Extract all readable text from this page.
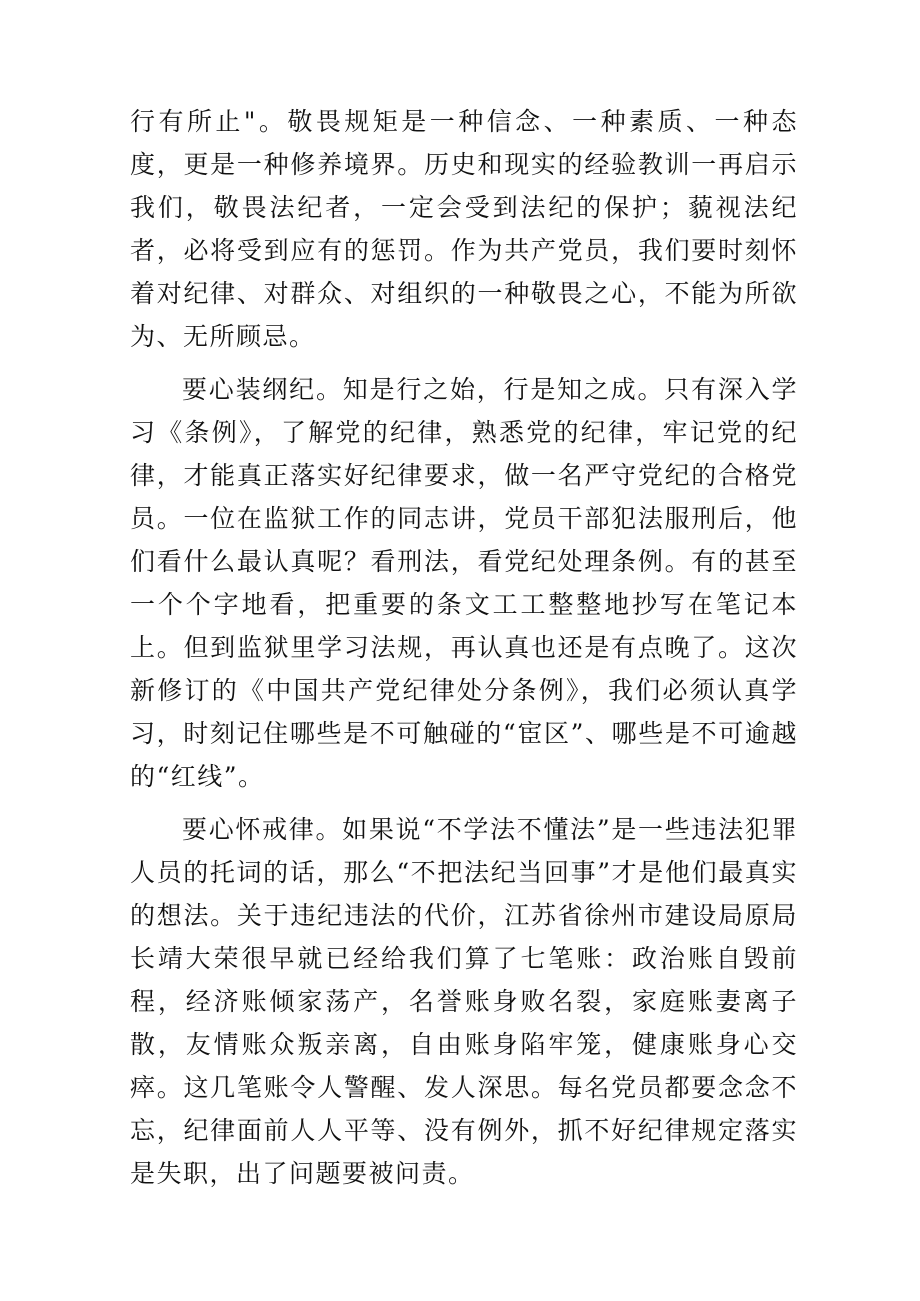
行有所止"。敬畏规矩是一种信念、一种素质、一种态度，更是一种修养境界。历史和现实的经验教训一再启示我们，敬畏法纪者，一定会受到法纪的保护；藐视法纪者，必将受到应有的惩罚。作为共产党员，我们要时刻怀着对纪律、对群众、对组织的一种敬畏之心，不能为所欲为、无所顾忌。

要心装纲纪。知是行之始，行是知之成。只有深入学习《条例》，了解党的纪律，熟悉党的纪律，牢记党的纪律，才能真正落实好纪律要求，做一名严守党纪的合格党员。一位在监狱工作的同志讲，党员干部犯法服刑后，他们看什么最认真呢？看刑法，看党纪处理条例。有的甚至一个个字地看，把重要的条文工工整整地抄写在笔记本上。但到监狱里学习法规，再认真也还是有点晚了。这次新修订的《中国共产党纪律处分条例》，我们必须认真学习，时刻记住哪些是不可触碰的“宦区”、哪些是不可逾越的“红线”。

要心怀戒律。如果说“不学法不懂法”是一些违法犯罪人员的托词的话，那么“不把法纪当回事”才是他们最真实的想法。关于违纪违法的代价，江苏省徐州市建设局原局长靖大荣很早就已经给我们算了七笔账：政治账自毁前程，经济账倾家荡产，名誉账身败名裂，家庭账妻离子散，友情账众叛亲离，自由账身陷牢笼，健康账身心交瘁。这几笔账令人警醒、发人深思。每名党员都要念念不忘，纪律面前人人平等、没有例外，抓不好纪律规定落实是失职，出了问题要被问责。
